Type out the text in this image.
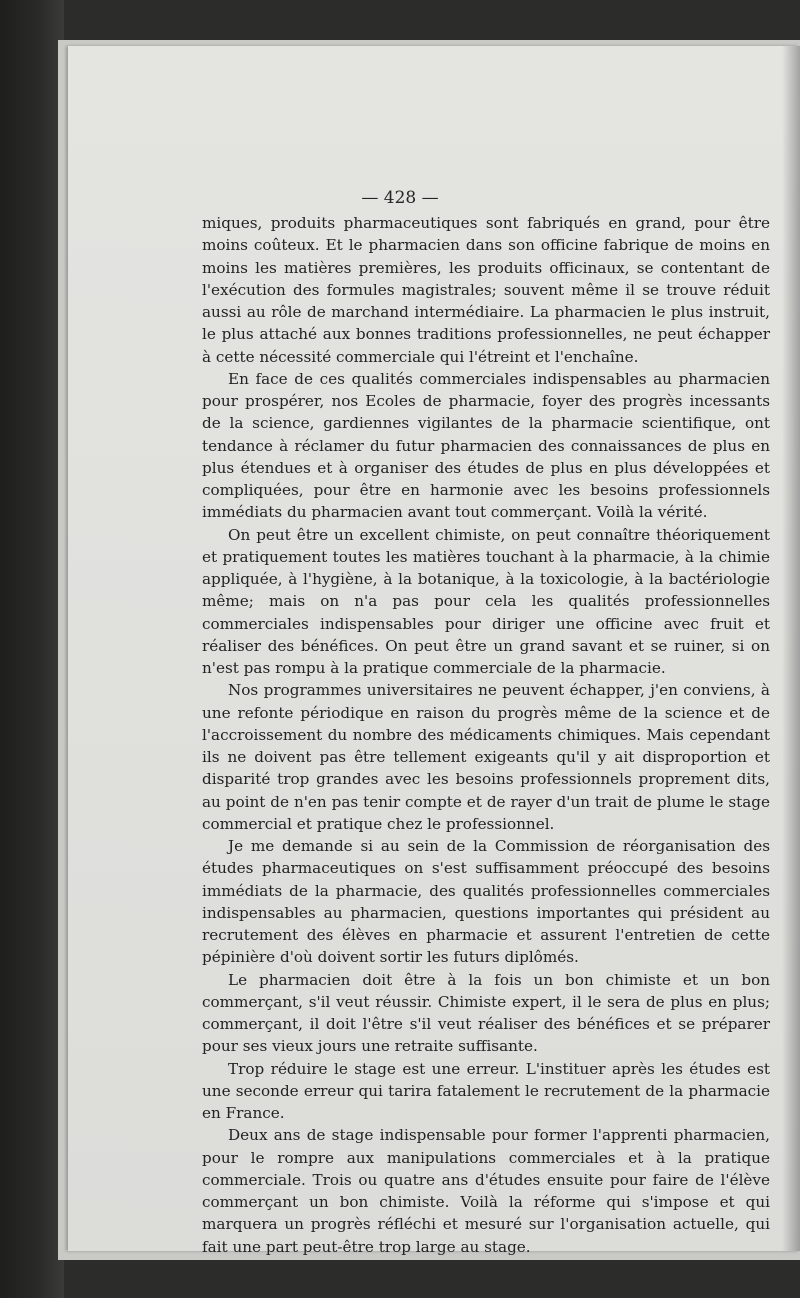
— 428 —

miques, produits pharmaceutiques sont fabriqués en grand, pour être moins coûteux. Et le pharmacien dans son officine fabrique de moins en moins les matières premières, les produits officinaux, se contentant de l'exécution des formules magistrales; souvent même il se trouve réduit aussi au rôle de marchand intermédiaire. La pharmacien le plus instruit, le plus attaché aux bonnes traditions professionnelles, ne peut échapper à cette nécessité commerciale qui l'étreint et l'enchaîne.

En face de ces qualités commerciales indispensables au pharmacien pour prospérer, nos Ecoles de pharmacie, foyer des progrès incessants de la science, gardiennes vigilantes de la pharmacie scientifique, ont tendance à réclamer du futur pharmacien des connaissances de plus en plus étendues et à organiser des études de plus en plus développées et compliquées, pour être en harmonie avec les besoins professionnels immédiats du pharmacien avant tout commerçant. Voilà la vérité.

On peut être un excellent chimiste, on peut connaître théoriquement et pratiquement toutes les matières touchant à la pharmacie, à la chimie appliquée, à l'hygiène, à la botanique, à la toxicologie, à la bactériologie même; mais on n'a pas pour cela les qualités professionnelles commerciales indispensables pour diriger une officine avec fruit et réaliser des bénéfices. On peut être un grand savant et se ruiner, si on n'est pas rompu à la pratique commerciale de la pharmacie.

Nos programmes universitaires ne peuvent échapper, j'en conviens, à une refonte périodique en raison du progrès même de la science et de l'accroissement du nombre des médicaments chimiques. Mais cependant ils ne doivent pas être tellement exigeants qu'il y ait disproportion et disparité trop grandes avec les besoins professionnels proprement dits, au point de n'en pas tenir compte et de rayer d'un trait de plume le stage commercial et pratique chez le professionnel.

Je me demande si au sein de la Commission de réorganisation des études pharmaceutiques on s'est suffisamment préoccupé des besoins immédiats de la pharmacie, des qualités professionnelles commerciales indispensables au pharmacien, questions importantes qui président au recrutement des élèves en pharmacie et assurent l'entretien de cette pépinière d'où doivent sortir les futurs diplômés.

Le pharmacien doit être à la fois un bon chimiste et un bon commerçant, s'il veut réussir. Chimiste expert, il le sera de plus en plus; commerçant, il doit l'être s'il veut réaliser des bénéfices et se préparer pour ses vieux jours une retraite suffisante.

Trop réduire le stage est une erreur. L'instituer après les études est une seconde erreur qui tarira fatalement le recrutement de la pharmacie en France.

Deux ans de stage indispensable pour former l'apprenti pharmacien, pour le rompre aux manipulations commerciales et à la pratique commerciale. Trois ou quatre ans d'études ensuite pour faire de l'élève commerçant un bon chimiste. Voilà la réforme qui s'impose et qui marquera un progrès réfléchi et mesuré sur l'organisation actuelle, qui fait une part peut-être trop large au stage.
